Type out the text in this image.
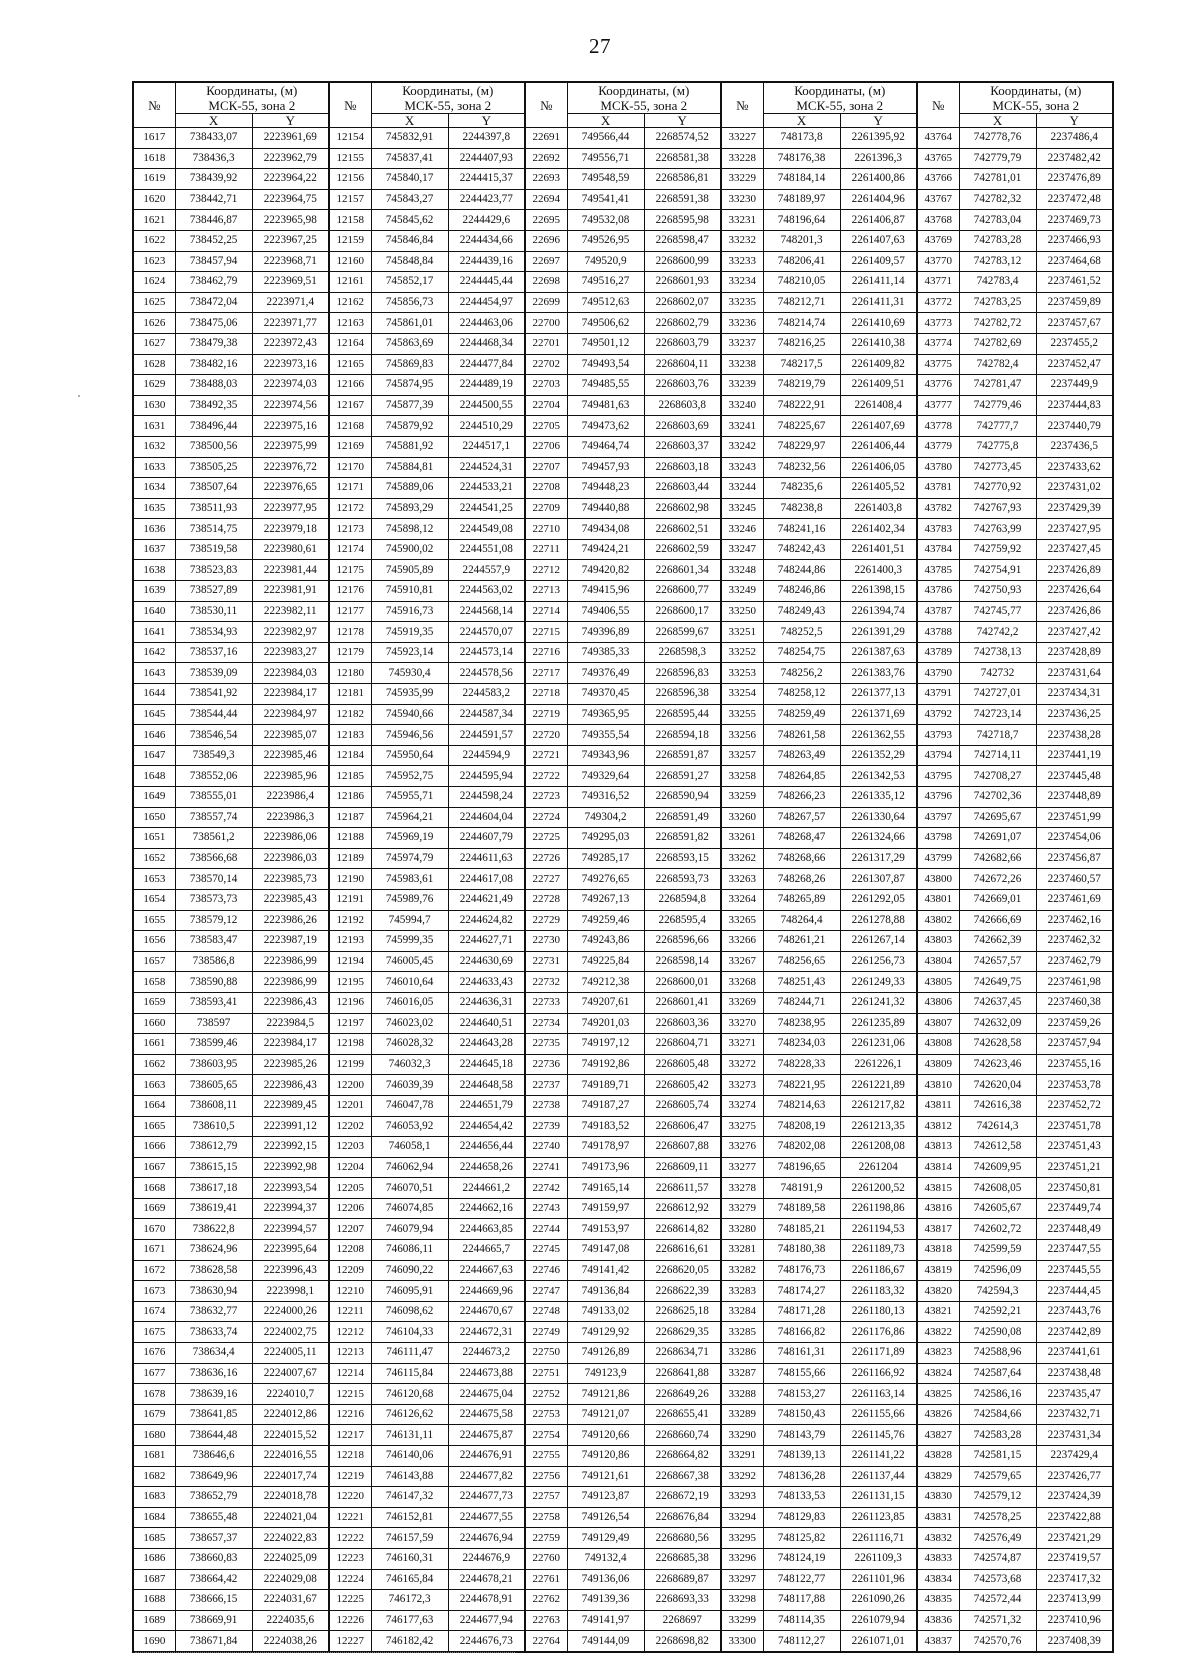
27
№	Координаты, (м)		№	Координаты, (м)		№	Координаты, (м)		№	Координаты, (м)		№	Координаты, (м)	
	МСК-55, зона 2			МСК-55, зона 2			МСК-55, зона 2			МСК-55, зона 2			МСК-55, зона 2	
	X	Y		X	Y		X	Y		X	Y		X	Y
1617	738433,07	2223961,69	12154	745832,91	2244397,8	22691	749566,44	2268574,52	33227	748173,8	2261395,92	43764	742778,76	2237486,4
1618	738436,3	2223962,79	12155	745837,41	2244407,93	22692	749556,71	2268581,38	33228	748176,38	2261396,3	43765	742779,79	2237482,42
1619	738439,92	2223964,22	12156	745840,17	2244415,37	22693	749548,59	2268586,81	33229	748184,14	2261400,86	43766	742781,01	2237476,89
1620	738442,71	2223964,75	12157	745843,27	2244423,77	22694	749541,41	2268591,38	33230	748189,97	2261404,96	43767	742782,32	2237472,48
1621	738446,87	2223965,98	12158	745845,62	2244429,6	22695	749532,08	2268595,98	33231	748196,64	2261406,87	43768	742783,04	2237469,73
1622	738452,25	2223967,25	12159	745846,84	2244434,66	22696	749526,95	2268598,47	33232	748201,3	2261407,63	43769	742783,28	2237466,93
1623	738457,94	2223968,71	12160	745848,84	2244439,16	22697	749520,9	2268600,99	33233	748206,41	2261409,57	43770	742783,12	2237464,68
1624	738462,79	2223969,51	12161	745852,17	2244445,44	22698	749516,27	2268601,93	33234	748210,05	2261411,14	43771	742783,4	2237461,52
1625	738472,04	2223971,4	12162	745856,73	2244454,97	22699	749512,63	2268602,07	33235	748212,71	2261411,31	43772	742783,25	2237459,89
1626	738475,06	2223971,77	12163	745861,01	2244463,06	22700	749506,62	2268602,79	33236	748214,74	2261410,69	43773	742782,72	2237457,67
1627	738479,38	2223972,43	12164	745863,69	2244468,34	22701	749501,12	2268603,79	33237	748216,25	2261410,38	43774	742782,69	2237455,2
1628	738482,16	2223973,16	12165	745869,83	2244477,84	22702	749493,54	2268604,11	33238	748217,5	2261409,82	43775	742782,4	2237452,47
1629	738488,03	2223974,03	12166	745874,95	2244489,19	22703	749485,55	2268603,76	33239	748219,79	2261409,51	43776	742781,47	2237449,9
1630	738492,35	2223974,56	12167	745877,39	2244500,55	22704	749481,63	2268603,8	33240	748222,91	2261408,4	43777	742779,46	2237444,83
1631	738496,44	2223975,16	12168	745879,92	2244510,29	22705	749473,62	2268603,69	33241	748225,67	2261407,69	43778	742777,7	2237440,79
1632	738500,56	2223975,99	12169	745881,92	2244517,1	22706	749464,74	2268603,37	33242	748229,97	2261406,44	43779	742775,8	2237436,5
1633	738505,25	2223976,72	12170	745884,81	2244524,31	22707	749457,93	2268603,18	33243	748232,56	2261406,05	43780	742773,45	2237433,62
1634	738507,64	2223976,65	12171	745889,06	2244533,21	22708	749448,23	2268603,44	33244	748235,6	2261405,52	43781	742770,92	2237431,02
1635	738511,93	2223977,95	12172	745893,29	2244541,25	22709	749440,88	2268602,98	33245	748238,8	2261403,8	43782	742767,93	2237429,39
1636	738514,75	2223979,18	12173	745898,12	2244549,08	22710	749434,08	2268602,51	33246	748241,16	2261402,34	43783	742763,99	2237427,95
1637	738519,58	2223980,61	12174	745900,02	2244551,08	22711	749424,21	2268602,59	33247	748242,43	2261401,51	43784	742759,92	2237427,45
1638	738523,83	2223981,44	12175	745905,89	2244557,9	22712	749420,82	2268601,34	33248	748244,86	2261400,3	43785	742754,91	2237426,89
1639	738527,89	2223981,91	12176	745910,81	2244563,02	22713	749415,96	2268600,77	33249	748246,86	2261398,15	43786	742750,93	2237426,64
1640	738530,11	2223982,11	12177	745916,73	2244568,14	22714	749406,55	2268600,17	33250	748249,43	2261394,74	43787	742745,77	2237426,86
1641	738534,93	2223982,97	12178	745919,35	2244570,07	22715	749396,89	2268599,67	33251	748252,5	2261391,29	43788	742742,2	2237427,42
1642	738537,16	2223983,27	12179	745923,14	2244573,14	22716	749385,33	2268598,3	33252	748254,75	2261387,63	43789	742738,13	2237428,89
1643	738539,09	2223984,03	12180	745930,4	2244578,56	22717	749376,49	2268596,83	33253	748256,2	2261383,76	43790	742732	2237431,64
1644	738541,92	2223984,17	12181	745935,99	2244583,2	22718	749370,45	2268596,38	33254	748258,12	2261377,13	43791	742727,01	2237434,31
1645	738544,44	2223984,97	12182	745940,66	2244587,34	22719	749365,95	2268595,44	33255	748259,49	2261371,69	43792	742723,14	2237436,25
1646	738546,54	2223985,07	12183	745946,56	2244591,57	22720	749355,54	2268594,18	33256	748261,58	2261362,55	43793	742718,7	2237438,28
1647	738549,3	2223985,46	12184	745950,64	2244594,9	22721	749343,96	2268591,87	33257	748263,49	2261352,29	43794	742714,11	2237441,19
1648	738552,06	2223985,96	12185	745952,75	2244595,94	22722	749329,64	2268591,27	33258	748264,85	2261342,53	43795	742708,27	2237445,48
1649	738555,01	2223986,4	12186	745955,71	2244598,24	22723	749316,52	2268590,94	33259	748266,23	2261335,12	43796	742702,36	2237448,89
1650	738557,74	2223986,3	12187	745964,21	2244604,04	22724	749304,2	2268591,49	33260	748267,57	2261330,64	43797	742695,67	2237451,99
1651	738561,2	2223986,06	12188	745969,19	2244607,79	22725	749295,03	2268591,82	33261	748268,47	2261324,66	43798	742691,07	2237454,06
1652	738566,68	2223986,03	12189	745974,79	2244611,63	22726	749285,17	2268593,15	33262	748268,66	2261317,29	43799	742682,66	2237456,87
1653	738570,14	2223985,73	12190	745983,61	2244617,08	22727	749276,65	2268593,73	33263	748268,26	2261307,87	43800	742672,26	2237460,57
1654	738573,73	2223985,43	12191	745989,76	2244621,49	22728	749267,13	2268594,8	33264	748265,89	2261292,05	43801	742669,01	2237461,69
1655	738579,12	2223986,26	12192	745994,7	2244624,82	22729	749259,46	2268595,4	33265	748264,4	2261278,88	43802	742666,69	2237462,16
1656	738583,47	2223987,19	12193	745999,35	2244627,71	22730	749243,86	2268596,66	33266	748261,21	2261267,14	43803	742662,39	2237462,32
1657	738586,8	2223986,99	12194	746005,45	2244630,69	22731	749225,84	2268598,14	33267	748256,65	2261256,73	43804	742657,57	2237462,79
1658	738590,88	2223986,99	12195	746010,64	2244633,43	22732	749212,38	2268600,01	33268	748251,43	2261249,33	43805	742649,75	2237461,98
1659	738593,41	2223986,43	12196	746016,05	2244636,31	22733	749207,61	2268601,41	33269	748244,71	2261241,32	43806	742637,45	2237460,38
1660	738597	2223984,5	12197	746023,02	2244640,51	22734	749201,03	2268603,36	33270	748238,95	2261235,89	43807	742632,09	2237459,26
1661	738599,46	2223984,17	12198	746028,32	2244643,28	22735	749197,12	2268604,71	33271	748234,03	2261231,06	43808	742628,58	2237457,94
1662	738603,95	2223985,26	12199	746032,3	2244645,18	22736	749192,86	2268605,48	33272	748228,33	2261226,1	43809	742623,46	2237455,16
1663	738605,65	2223986,43	12200	746039,39	2244648,58	22737	749189,71	2268605,42	33273	748221,95	2261221,89	43810	742620,04	2237453,78
1664	738608,11	2223989,45	12201	746047,78	2244651,79	22738	749187,27	2268605,74	33274	748214,63	2261217,82	43811	742616,38	2237452,72
1665	738610,5	2223991,12	12202	746053,92	2244654,42	22739	749183,52	2268606,47	33275	748208,19	2261213,35	43812	742614,3	2237451,78
1666	738612,79	2223992,15	12203	746058,1	2244656,44	22740	749178,97	2268607,88	33276	748202,08	2261208,08	43813	742612,58	2237451,43
1667	738615,15	2223992,98	12204	746062,94	2244658,26	22741	749173,96	2268609,11	33277	748196,65	2261204	43814	742609,95	2237451,21
1668	738617,18	2223993,54	12205	746070,51	2244661,2	22742	749165,14	2268611,57	33278	748191,9	2261200,52	43815	742608,05	2237450,81
1669	738619,41	2223994,37	12206	746074,85	2244662,16	22743	749159,97	2268612,92	33279	748189,58	2261198,86	43816	742605,67	2237449,74
1670	738622,8	2223994,57	12207	746079,94	2244663,85	22744	749153,97	2268614,82	33280	748185,21	2261194,53	43817	742602,72	2237448,49
1671	738624,96	2223995,64	12208	746086,11	2244665,7	22745	749147,08	2268616,61	33281	748180,38	2261189,73	43818	742599,59	2237447,55
1672	738628,58	2223996,43	12209	746090,22	2244667,63	22746	749141,42	2268620,05	33282	748176,73	2261186,67	43819	742596,09	2237445,55
1673	738630,94	2223998,1	12210	746095,91	2244669,96	22747	749136,84	2268622,39	33283	748174,27	2261183,32	43820	742594,3	2237444,45
1674	738632,77	2224000,26	12211	746098,62	2244670,67	22748	749133,02	2268625,18	33284	748171,28	2261180,13	43821	742592,21	2237443,76
1675	738633,74	2224002,75	12212	746104,33	2244672,31	22749	749129,92	2268629,35	33285	748166,82	2261176,86	43822	742590,08	2237442,89
1676	738634,4	2224005,11	12213	746111,47	2244673,2	22750	749126,89	2268634,71	33286	748161,31	2261171,89	43823	742588,96	2237441,61
1677	738636,16	2224007,67	12214	746115,84	2244673,88	22751	749123,9	2268641,88	33287	748155,66	2261166,92	43824	742587,64	2237438,48
1678	738639,16	2224010,7	12215	746120,68	2244675,04	22752	749121,86	2268649,26	33288	748153,27	2261163,14	43825	742586,16	2237435,47
1679	738641,85	2224012,86	12216	746126,62	2244675,58	22753	749121,07	2268655,41	33289	748150,43	2261155,66	43826	742584,66	2237432,71
1680	738644,48	2224015,52	12217	746131,11	2244675,87	22754	749120,66	2268660,74	33290	748143,79	2261145,76	43827	742583,28	2237431,34
1681	738646,6	2224016,55	12218	746140,06	2244676,91	22755	749120,86	2268664,82	33291	748139,13	2261141,22	43828	742581,15	2237429,4
1682	738649,96	2224017,74	12219	746143,88	2244677,82	22756	749121,61	2268667,38	33292	748136,28	2261137,44	43829	742579,65	2237426,77
1683	738652,79	2224018,78	12220	746147,32	2244677,73	22757	749123,87	2268672,19	33293	748133,53	2261131,15	43830	742579,12	2237424,39
1684	738655,48	2224021,04	12221	746152,81	2244677,55	22758	749126,54	2268676,84	33294	748129,83	2261123,85	43831	742578,25	2237422,88
1685	738657,37	2224022,83	12222	746157,59	2244676,94	22759	749129,49	2268680,56	33295	748125,82	2261116,71	43832	742576,49	2237421,29
1686	738660,83	2224025,09	12223	746160,31	2244676,9	22760	749132,4	2268685,38	33296	748124,19	2261109,3	43833	742574,87	2237419,57
1687	738664,42	2224029,08	12224	746165,84	2244678,21	22761	749136,06	2268689,87	33297	748122,77	2261101,96	43834	742573,68	2237417,32
1688	738666,15	2224031,67	12225	746172,3	2244678,91	22762	749139,36	2268693,33	33298	748117,88	2261090,26	43835	742572,44	2237413,99
1689	738669,91	2224035,6	12226	746177,63	2244677,94	22763	749141,97	2268697	33299	748114,35	2261079,94	43836	742571,32	2237410,96
1690	738671,84	2224038,26	12227	746182,42	2244676,73	22764	749144,09	2268698,82	33300	748112,27	2261071,01	43837	742570,76	2237408,39
